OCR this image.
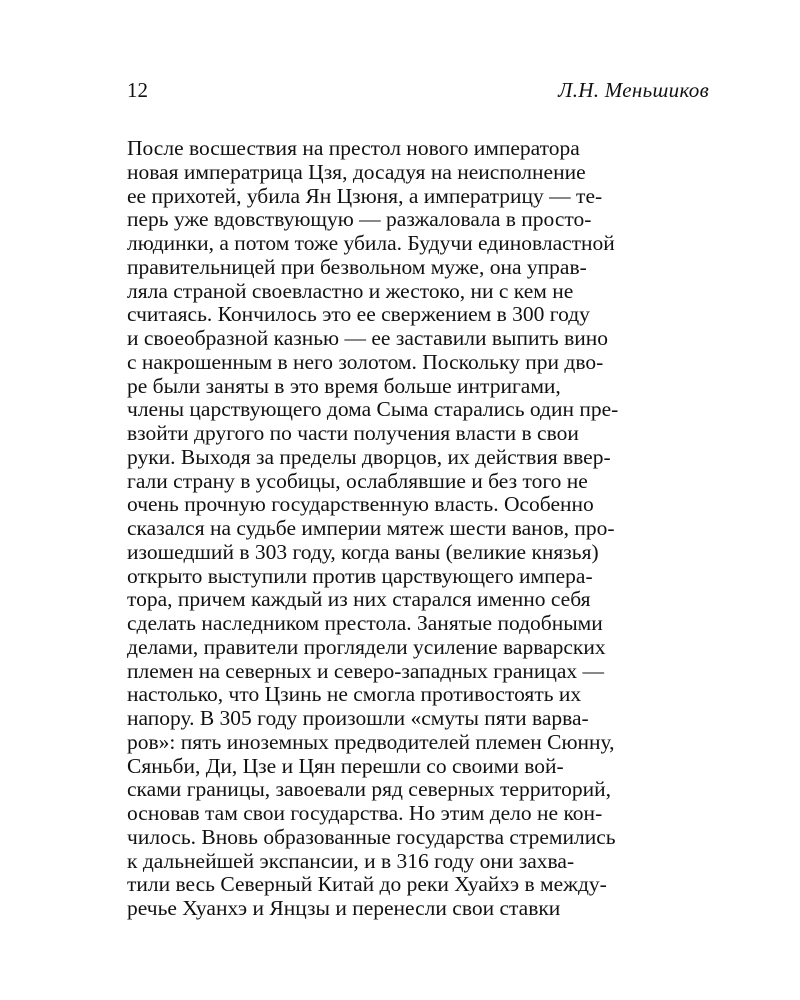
12	Л.Н. Меньшиков
После восшествия на престол нового императора
новая императрица Цзя, досадуя на неисполнение
ее прихотей, убила Ян Цзюня, а императрицу — те-
перь уже вдовствующую — разжаловала в просто-
людинки, а потом тоже убила. Будучи единовластной
правительницей при безвольном муже, она управ-
ляла страной своевластно и жестоко, ни с кем не
считаясь. Кончилось это ее свержением в 300 году
и своеобразной казнью — ее заставили выпить вино
с накрошенным в него золотом. Поскольку при дво-
ре были заняты в это время больше интригами,
члены царствующего дома Сыма старались один пре-
взойти другого по части получения власти в свои
руки. Выходя за пределы дворцов, их действия ввер-
гали страну в усобицы, ослаблявшие и без того не
очень прочную государственную власть. Особенно
сказался на судьбе империи мятеж шести ванов, про-
изошедший в 303 году, когда ваны (великие князья)
открыто выступили против царствующего импера-
тора, причем каждый из них старался именно себя
сделать наследником престола. Занятые подобными
делами, правители проглядели усиление варварских
племен на северных и северо-западных границах —
настолько, что Цзинь не смогла противостоять их
напору. В 305 году произошли «смуты пяти варва-
ров»: пять иноземных предводителей племен Сюнну,
Сяньби, Ди, Цзе и Цян перешли со своими вой-
сками границы, завоевали ряд северных территорий,
основав там свои государства. Но этим дело не кон-
чилось. Вновь образованные государства стремились
к дальнейшей экспансии, и в 316 году они захва-
тили весь Северный Китай до реки Хуайхэ в междy-
речье Хуанхэ и Янцзы и перенесли свои ставки
